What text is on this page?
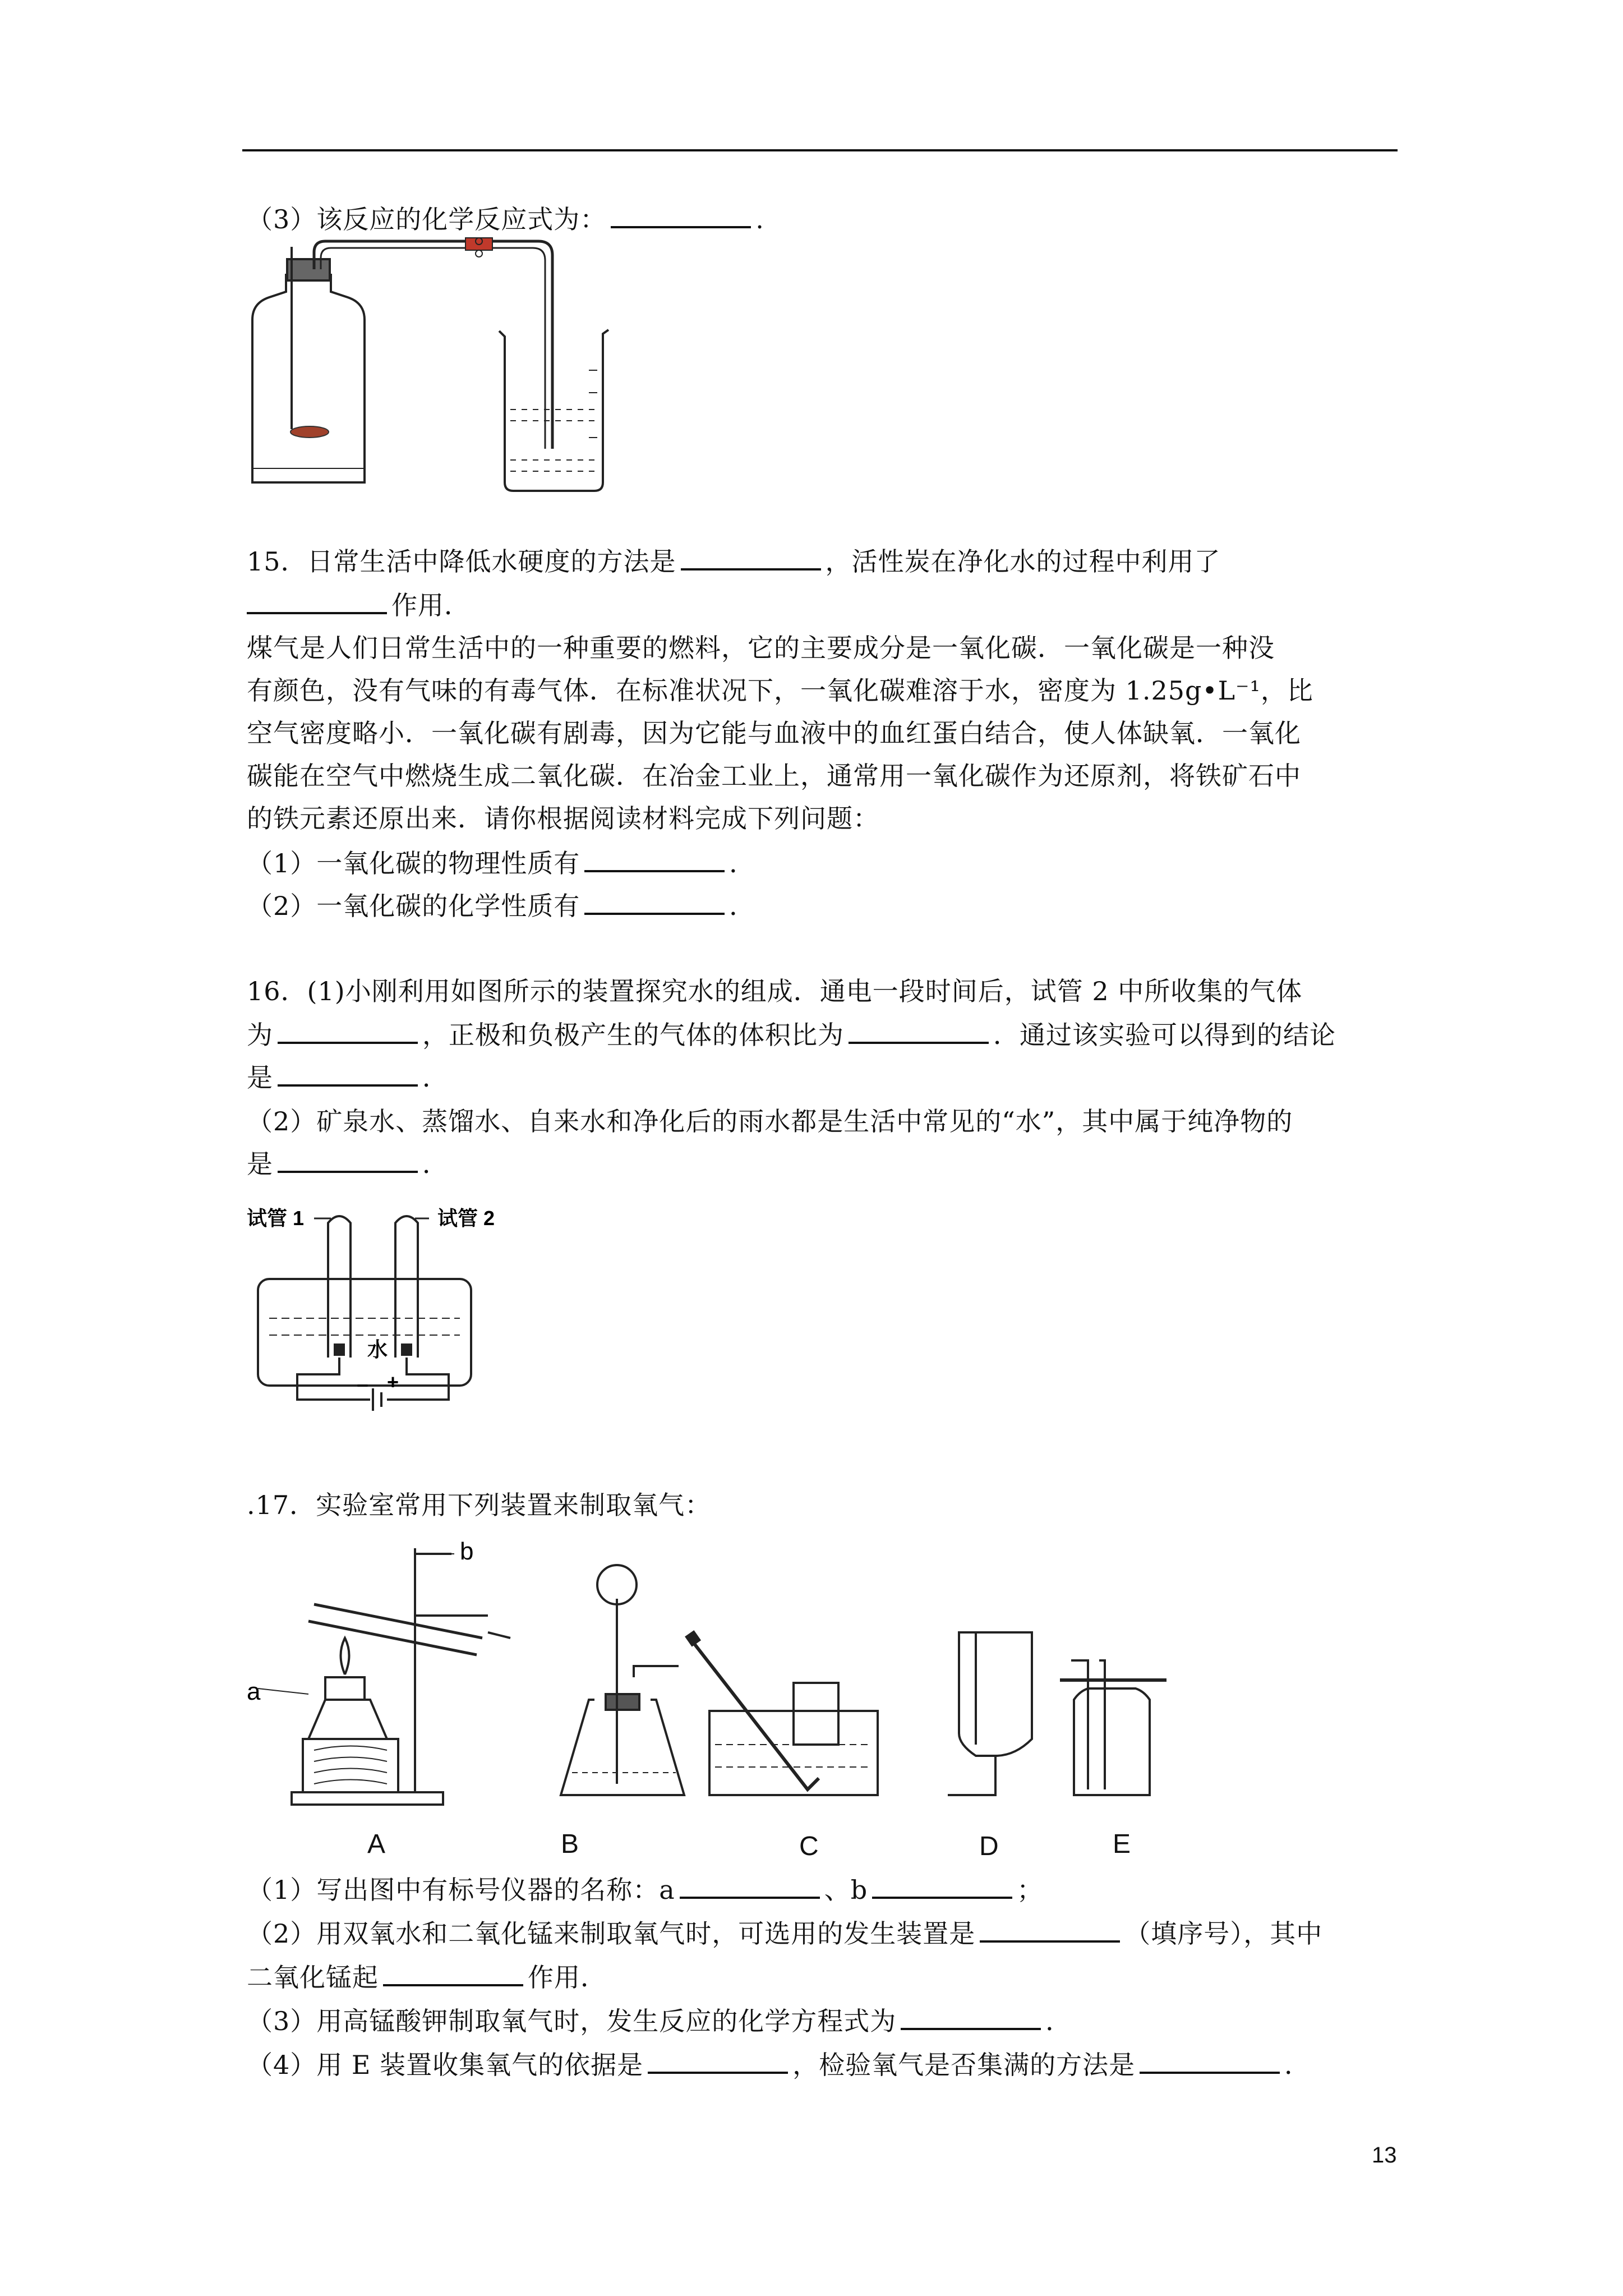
（3）该反应的化学反应式为：	.
15．日常生活中降低水硬度的方法是	，活性炭在净化水的过程中利用了
作用．
煤气是人们日常生活中的一种重要的燃料，它的主要成分是一氧化碳．一氧化碳是一种没
有颜色，没有气味的有毒气体．在标准状况下，一氧化碳难溶于水，密度为 1.25g•L⁻¹，比
空气密度略小．一氧化碳有剧毒，因为它能与血液中的血红蛋白结合，使人体缺氧．一氧化
碳能在空气中燃烧生成二氧化碳．在冶金工业上，通常用一氧化碳作为还原剂，将铁矿石中
的铁元素还原出来．请你根据阅读材料完成下列问题：
（1）一氧化碳的物理性质有	．
（2）一氧化碳的化学性质有	．
16．(1)小刚利用如图所示的装置探究水的组成．通电一段时间后，试管 2 中所收集的气体
为	，正极和负极产生的气体的体积比为	．通过该实验可以得到的结论
是	．
（2）矿泉水、蒸馏水、自来水和净化后的雨水都是生活中常见的“水”，其中属于纯净物的
是	．
试管 1	试管 2
水
− +
.17．实验室常用下列装置来制取氧气：
a
b
A	B	C	D	E
（1）写出图中有标号仪器的名称：a	、b	；
（2）用双氧水和二氧化锰来制取氧气时，可选用的发生装置是	（填序号），其中
二氧化锰起	作用．
（3）用高锰酸钾制取氧气时，发生反应的化学方程式为	．
（4）用 E 装置收集氧气的依据是	，检验氧气是否集满的方法是	．
13
